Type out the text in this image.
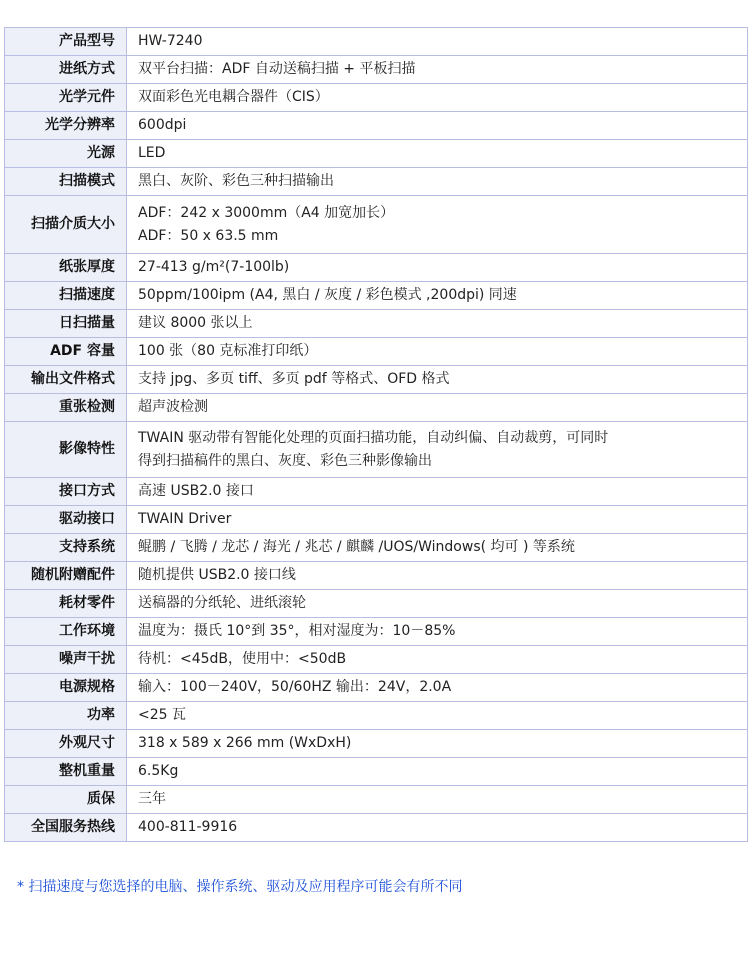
产品型号	HW-7240

进纸方式	双平台扫描：ADF 自动送稿扫描 + 平板扫描

光学元件	双面彩色光电耦合器件（CIS）

光学分辨率	600dpi

光源	LED

扫描模式	黑白、灰阶、彩色三种扫描输出

扫描介质大小	ADF：242 x 3000mm（A4 加宽加长）
ADF：50 x 63.5 mm

纸张厚度	27-413 g/m²(7-100lb)

扫描速度	50ppm/100ipm (A4, 黑白 / 灰度 / 彩色模式 ,200dpi) 同速

日扫描量	建议 8000 张以上

ADF 容量	100 张（80 克标准打印纸）

输出文件格式	支持 jpg、多页 tiff、多页 pdf 等格式、OFD 格式

重张检测	超声波检测

影像特性	TWAIN 驱动带有智能化处理的页面扫描功能，自动纠偏、自动裁剪，可同时
得到扫描稿件的黑白、灰度、彩色三种影像输出

接口方式	高速 USB2.0 接口

驱动接口	TWAIN Driver

支持系统	鲲鹏 / 飞腾 / 龙芯 / 海光 / 兆芯 / 麒麟 /UOS/Windows( 均可 ) 等系统

随机附赠配件	随机提供 USB2.0 接口线

耗材零件	送稿器的分纸轮、进纸滚轮

工作环境	温度为：摄氏 10°到 35°，相对湿度为：10－85%

噪声干扰	待机：<45dB，使用中：<50dB

电源规格	输入：100－240V，50/60HZ 输出：24V，2.0A

功率	<25 瓦

外观尺寸	318 x 589 x 266 mm (WxDxH)

整机重量	6.5Kg

质保	三年

全国服务热线	400-811-9916
* 扫描速度与您选择的电脑、操作系统、驱动及应用程序可能会有所不同
